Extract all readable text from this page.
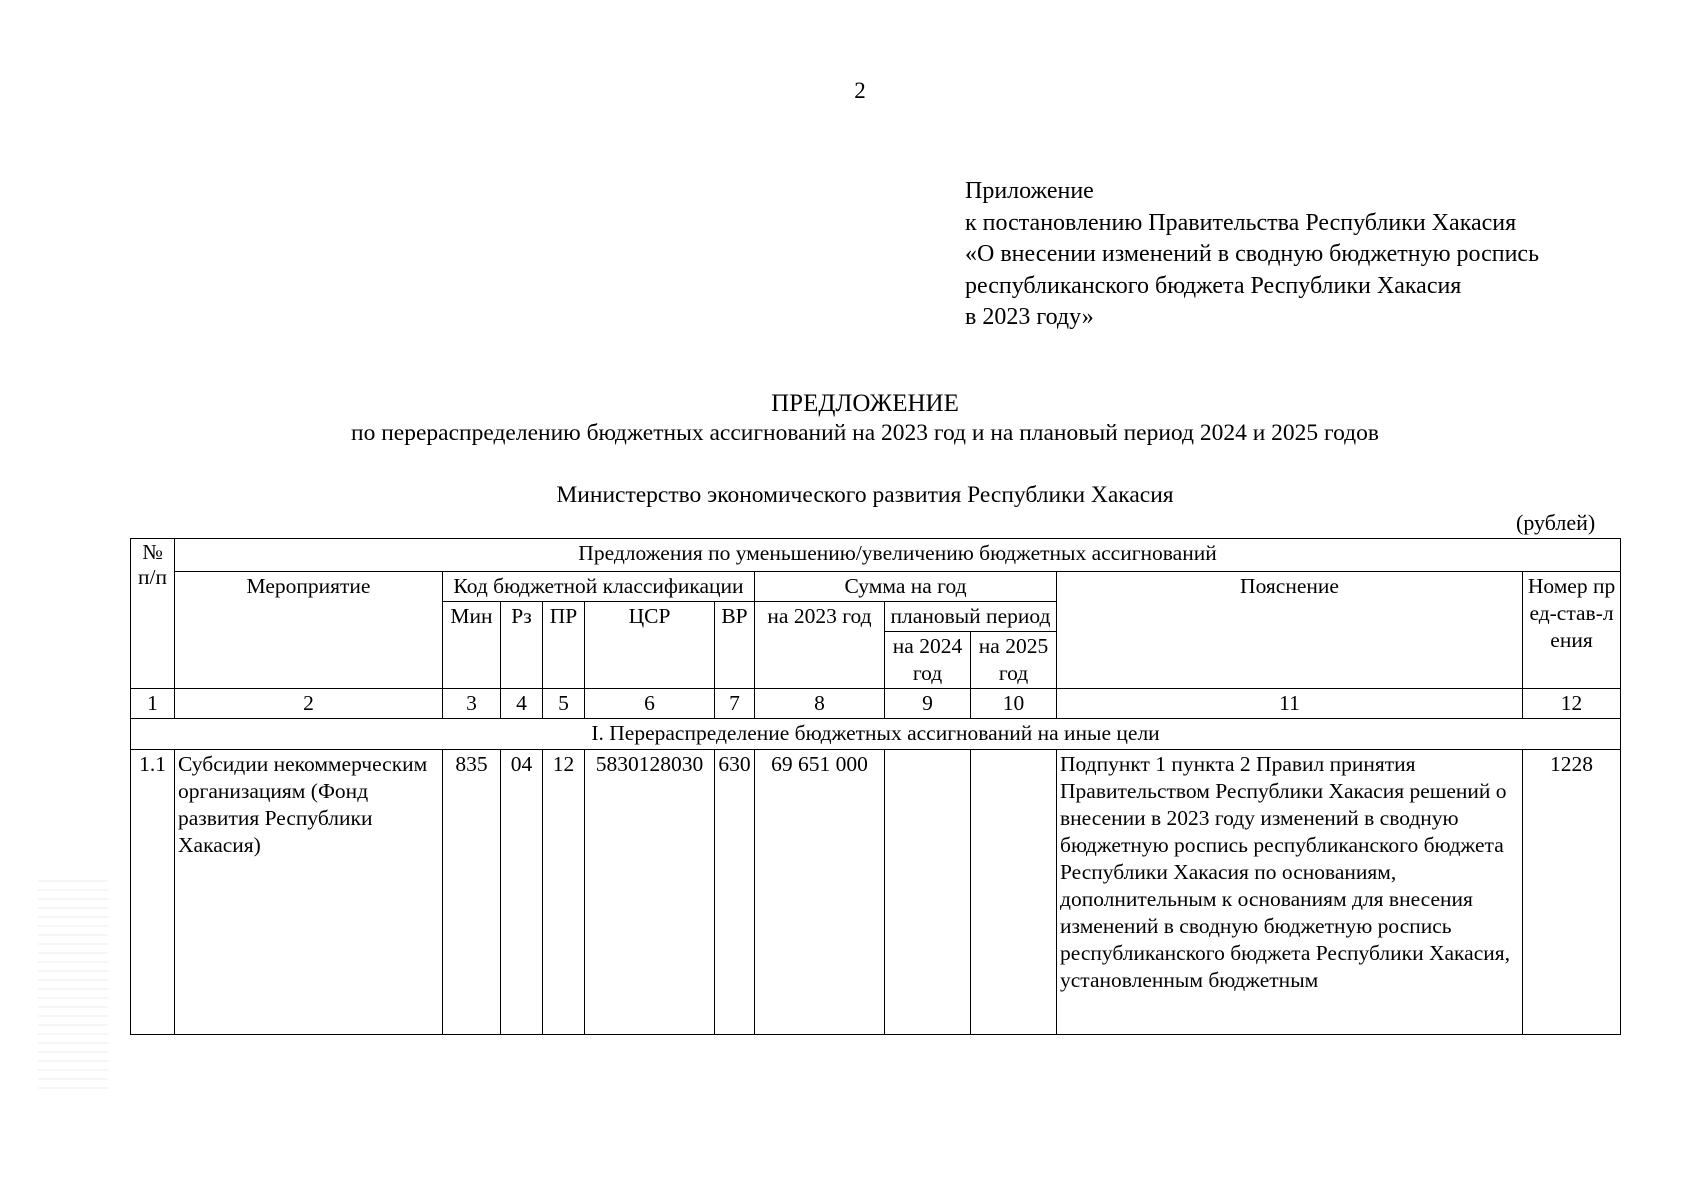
2
Приложение
к постановлению Правительства Республики Хакасия
«О внесении изменений в сводную бюджетную роспись
республиканского бюджета Республики Хакасия
в 2023 году»
ПРЕДЛОЖЕНИЕ
по перераспределению бюджетных ассигнований на 2023 год и на плановый период 2024 и 2025 годов
Министерство экономического развития Республики Хакасия
(рублей)
№ п/п	Предложения по уменьшению/увеличению бюджетных ассигнований										
	Мероприятие	Код бюджетной классификации					Сумма на год			Пояснение	Номер пред-став-ления
		Мин	Рз	ПР	ЦСР	ВР	на 2023 год	плановый период			
								на 2024 год	на 2025 год		
1	2	3	4	5	6	7	8	9	10	11	12
I. Перераспределение бюджетных ассигнований на иные цели											
1.1	Субсидии некоммерческим организациям (Фонд развития Республики Хакасия)	835	04	12	5830128030	630	69 651 000			Подпункт 1 пункта 2 Правил принятия Правительством Республики Хакасия решений о внесении в 2023 году изменений в сводную бюджетную роспись республиканского бюджета Республики Хакасия по основаниям, дополнительным к основаниям для внесения изменений в сводную бюджетную роспись республиканского бюджета Республики Хакасия, установленным бюджетным	1228
